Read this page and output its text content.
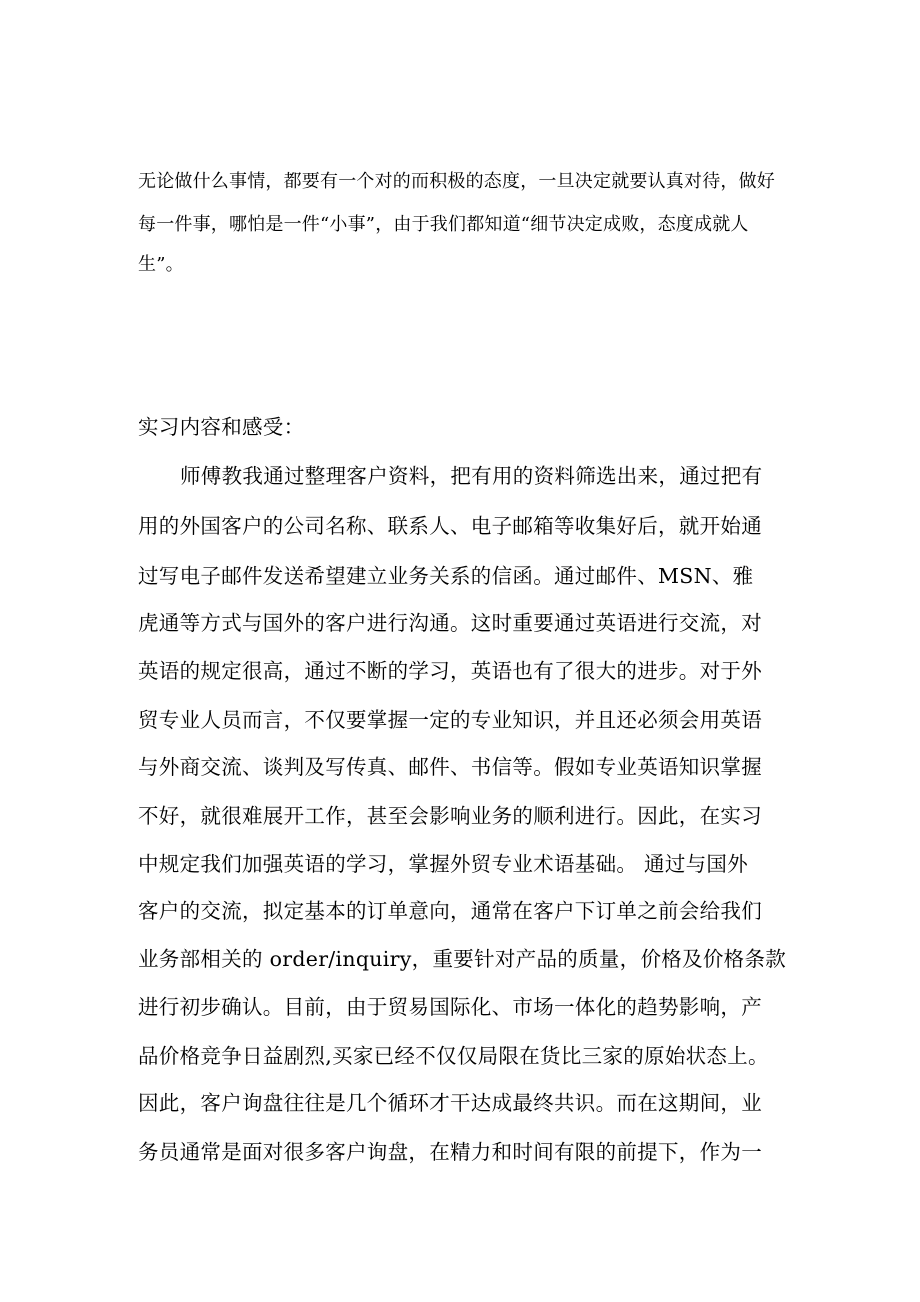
无论做什么事情，都要有一个对的而积极的态度，一旦决定就要认真对待，做好
每一件事，哪怕是一件“小事”，由于我们都知道“细节决定成败，态度成就人
生”。
实习内容和感受：
师傅教我通过整理客户资料，把有用的资料筛选出来，通过把有
用的外国客户的公司名称、联系人、电子邮箱等收集好后，就开始通
过写电子邮件发送希望建立业务关系的信函。通过邮件、MSN、雅
虎通等方式与国外的客户进行沟通。这时重要通过英语进行交流，对
英语的规定很高，通过不断的学习，英语也有了很大的进步。对于外
贸专业人员而言，不仅要掌握一定的专业知识，并且还必须会用英语
与外商交流、谈判及写传真、邮件、书信等。假如专业英语知识掌握
不好，就很难展开工作，甚至会影响业务的顺利进行。因此，在实习
中规定我们加强英语的学习，掌握外贸专业术语基础。 通过与国外
客户的交流，拟定基本的订单意向，通常在客户下订单之前会给我们
业务部相关的 order/inquiry，重要针对产品的质量，价格及价格条款
进行初步确认。目前，由于贸易国际化、市场一体化的趋势影响，产
品价格竞争日益剧烈,买家已经不仅仅局限在货比三家的原始状态上。
因此，客户询盘往往是几个循环才干达成最终共识。而在这期间，业
务员通常是面对很多客户询盘，在精力和时间有限的前提下，作为一
